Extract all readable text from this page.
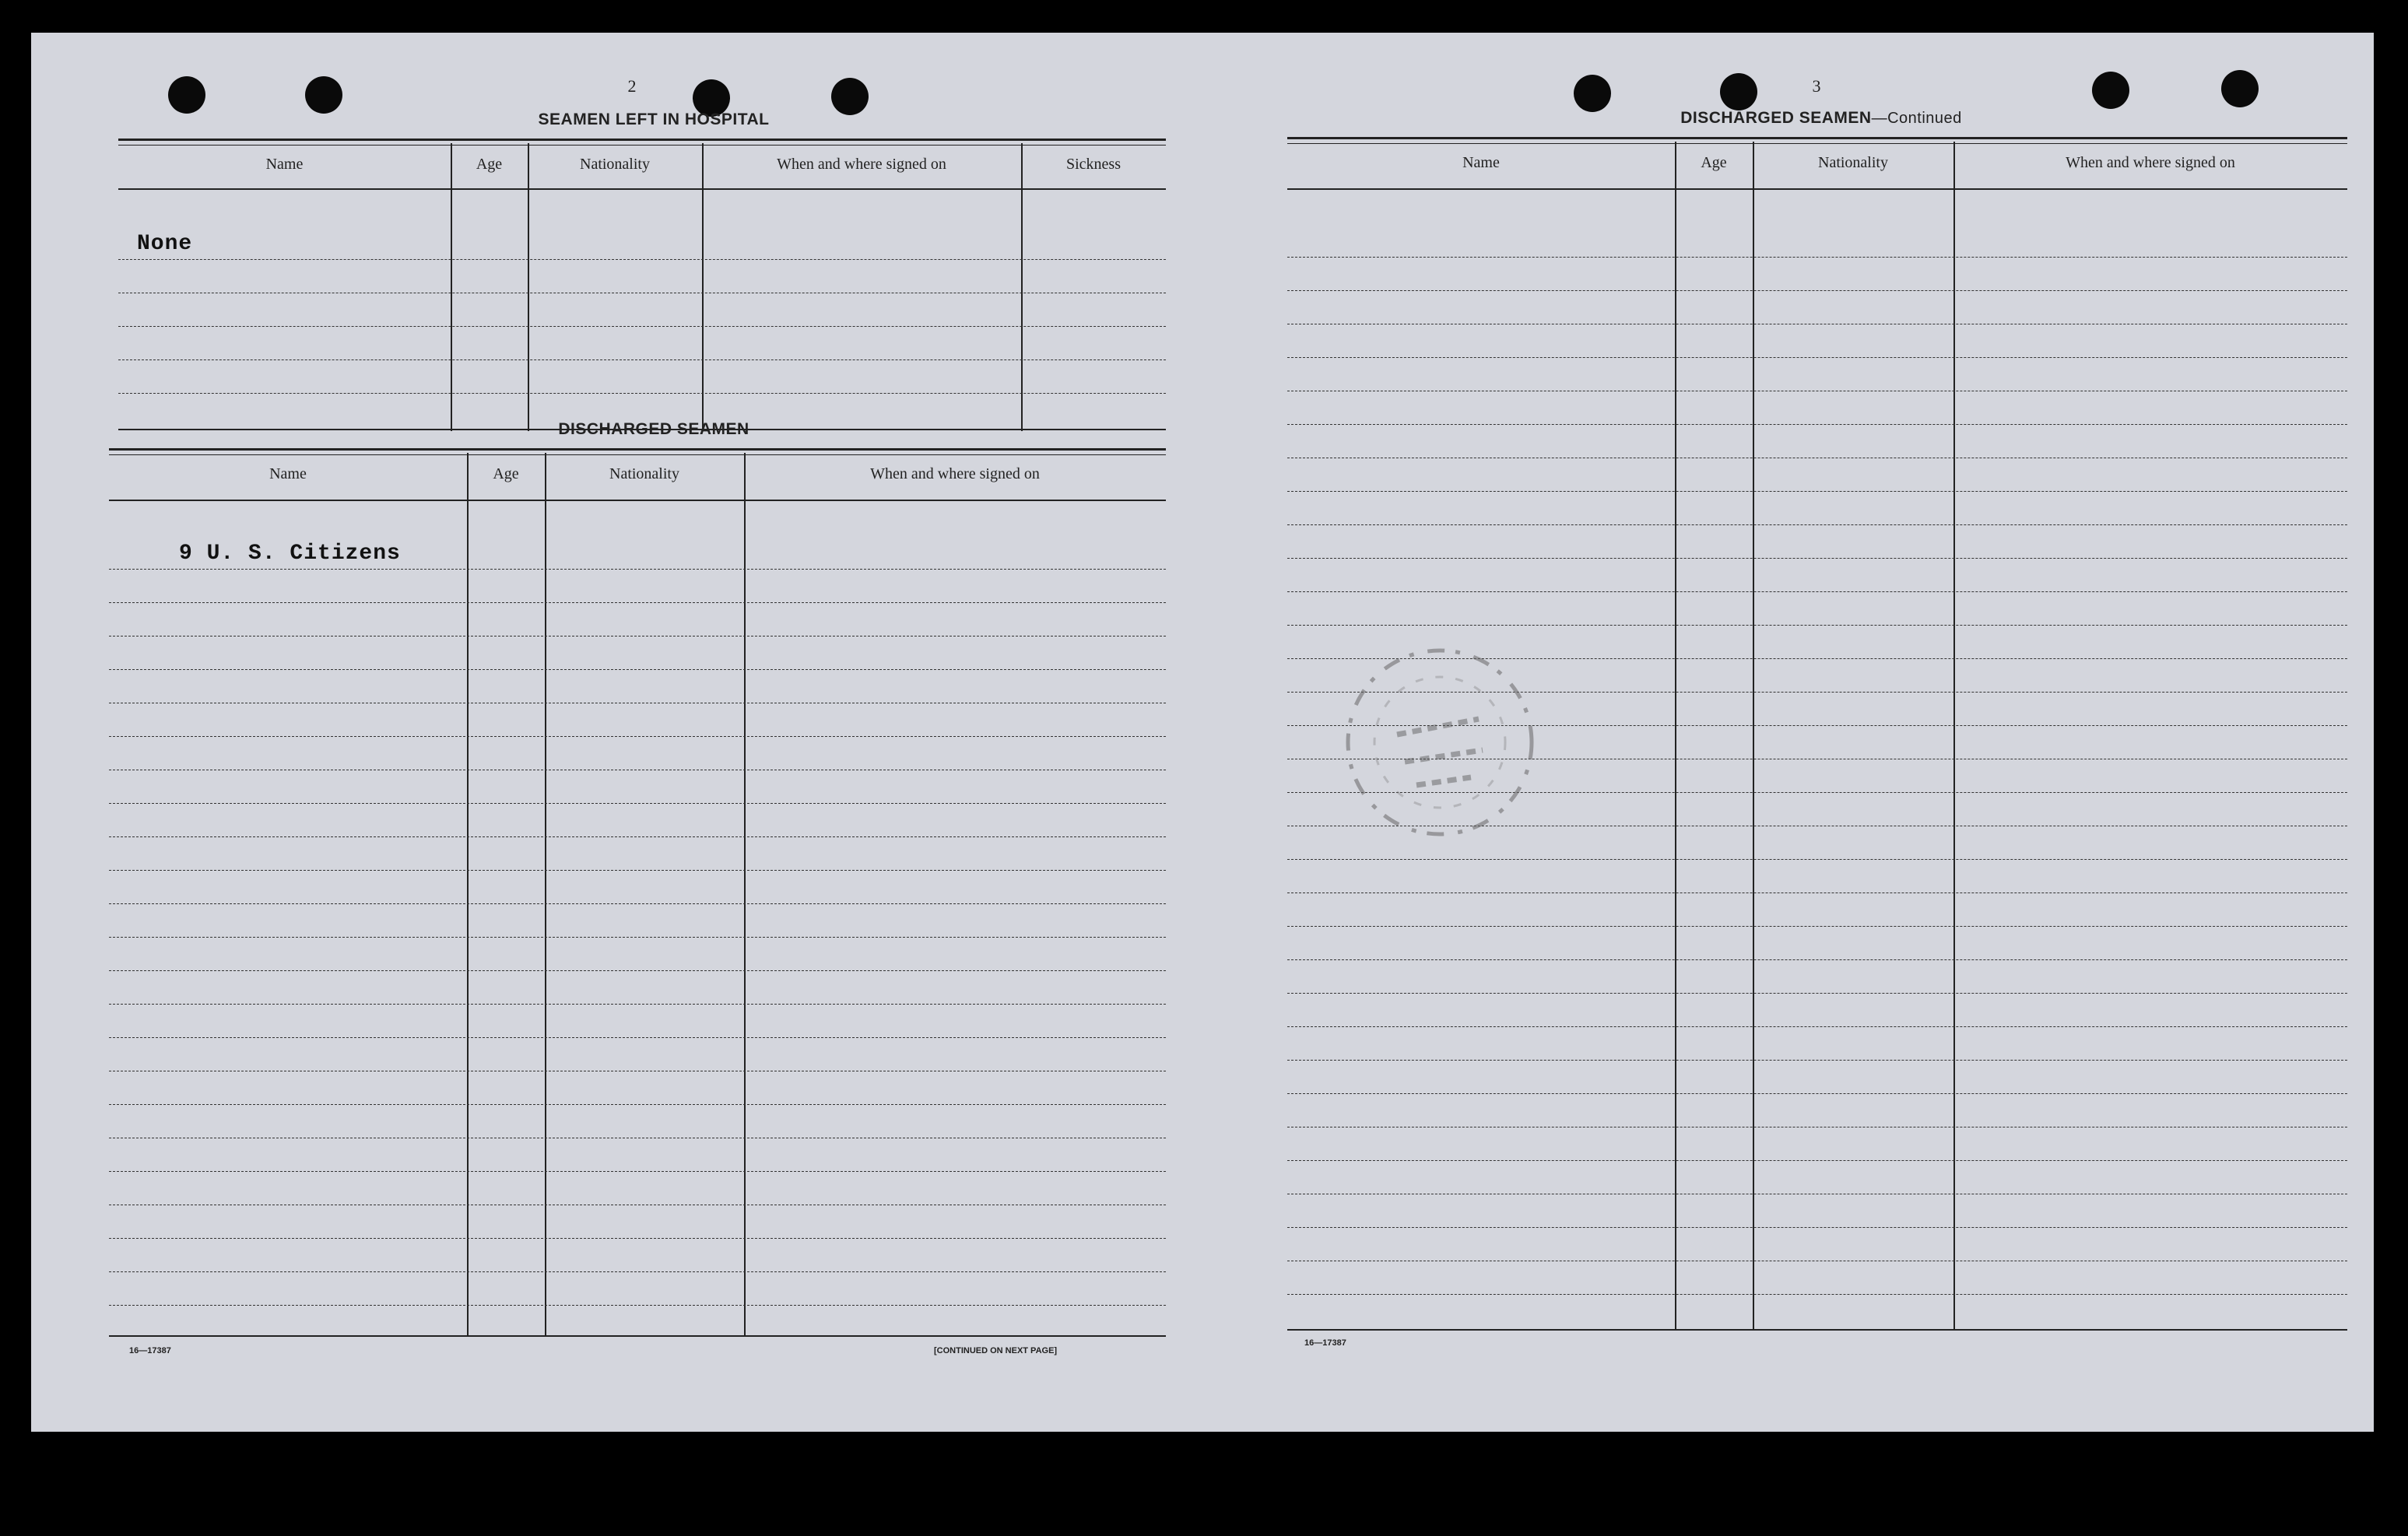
2
SEAMEN LEFT IN HOSPITAL
Name	Age	Nationality	When and where signed on	Sickness
None
DISCHARGED SEAMEN
Name	Age	Nationality	When and where signed on
9 U. S. Citizens
16—17387	[CONTINUED ON NEXT PAGE]
3
DISCHARGED SEAMEN—Continued
Name	Age	Nationality	When and where signed on
16—17387
